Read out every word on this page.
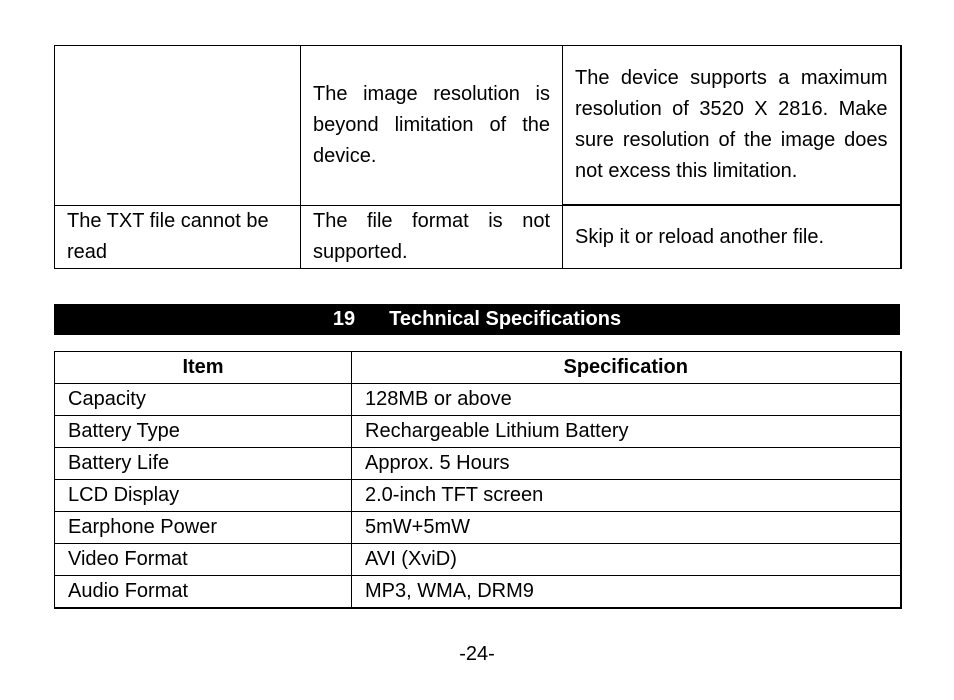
	The image resolution is beyond limitation of the device.	The device supports a maximum resolution of 3520 X 2816. Make sure resolution of the image does not excess this limitation.
The TXT file cannot be read	The file format is not supported.	Skip it or reload another file.
19 Technical Specifications
Item	Specification
Capacity	128MB or above
Battery Type	Rechargeable Lithium Battery
Battery Life	Approx. 5 Hours
LCD Display	2.0-inch TFT screen
Earphone Power	5mW+5mW
Video Format	AVI (XviD)
Audio Format	MP3, WMA, DRM9
-24-
